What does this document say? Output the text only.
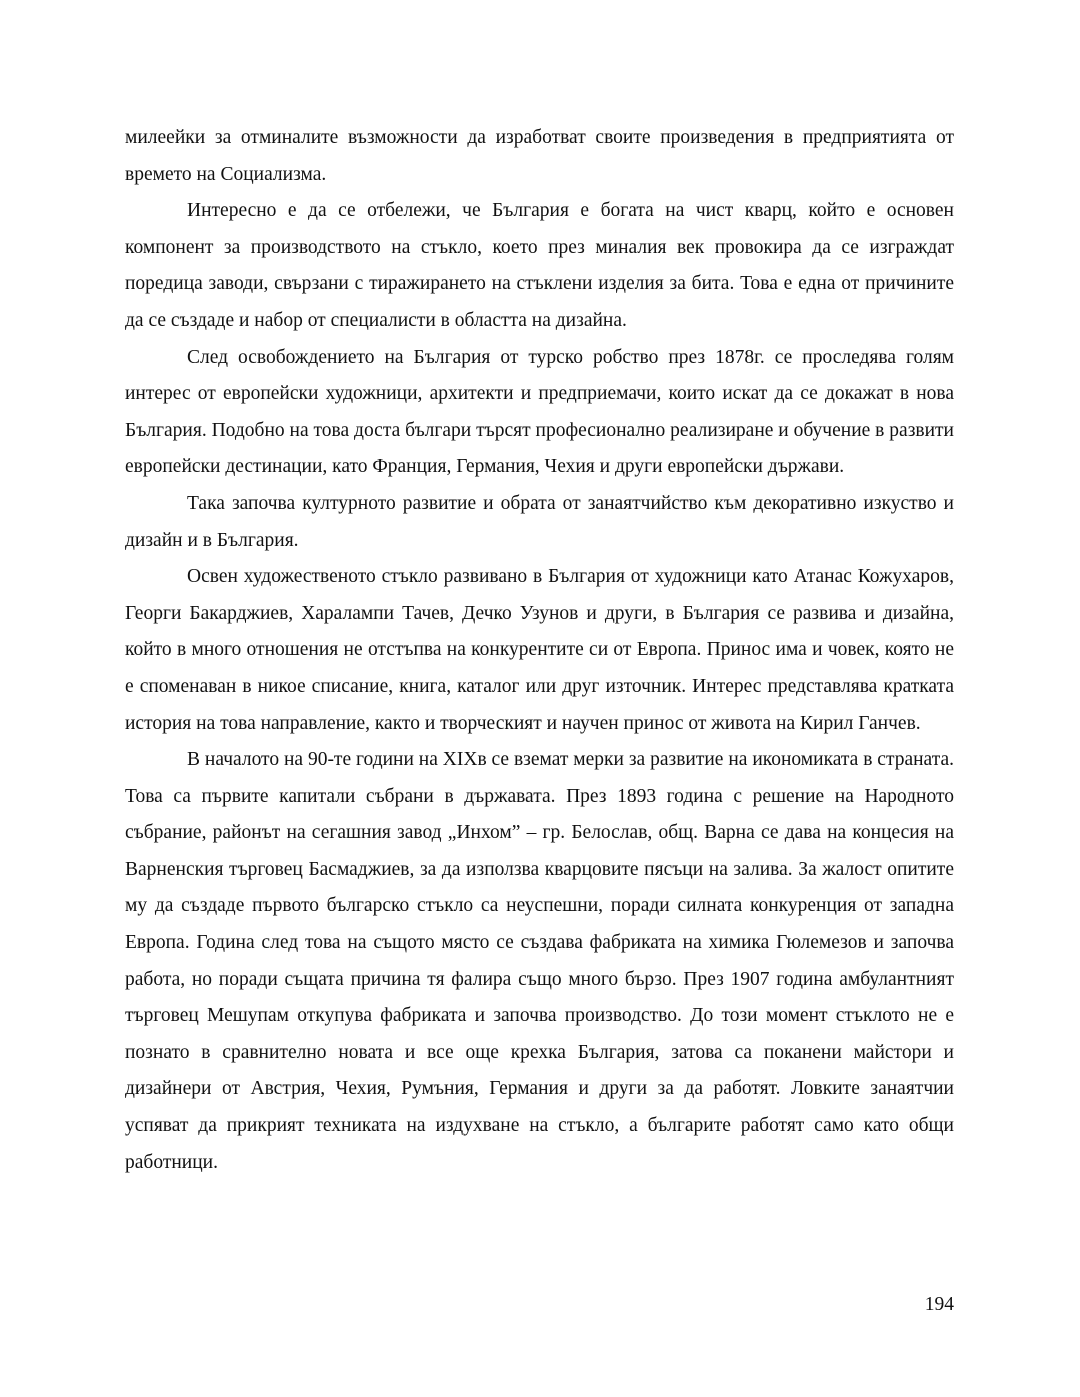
милеейки за отминалите възможности да изработват своите произведения в предприятията от времето на Социализма.

Интересно е да се отбележи, че България е богата на чист кварц, който е основен компонент за производството на стъкло, което през миналия век провокира да се изграждат поредица заводи, свързани с тиражирането на стъклени изделия за бита. Това е една от причините да се създаде и набор от специалисти в областта на дизайна.

След освобождението на България от турско робство през 1878г. се проследява голям интерес от европейски художници, архитекти и предприемачи, които искат да се докажат в нова България. Подобно на това доста българи търсят професионално реализиране и обучение в развити европейски дестинации, като Франция, Германия, Чехия и други европейски държави.

Така започва културното развитие и обрата от занаятчийство към декоративно изкуство и дизайн и в България.

Освен художественото стъкло развивано в България от художници като Атанас Кожухаров, Георги Бакарджиев, Харалампи Тачев, Дечко Узунов и други, в България се развива и дизайна, който в много отношения не отстъпва на конкурентите си от Европа. Принос има и човек, която не е споменаван в никое списание, книга, каталог или друг източник. Интерес представлява кратката история на това направление, както и творческият и научен принос от живота на Кирил Ганчев.

В началото на 90-те години на XIXв се вземат мерки за развитие на икономиката в страната. Това са първите капитали събрани в държавата. През 1893 година с решение на Народното събрание, районът на сегашния завод „Инхом” – гр. Белослав, общ. Варна се дава на концесия на Варненския търговец Басмаджиев, за да използва кварцовите пясъци на залива. За жалост опитите му да създаде първото българско стъкло са неуспешни, поради силната конкуренция от западна Европа. Година след това на същото място се създава фабриката на химика Гюлемезов и започва работа, но поради същата причина тя фалира също много бързо. През 1907 година амбулантният търговец Мешупам откупува фабриката и започва производство. До този момент стъклото не е познато в сравнително новата и все още крехка България, затова са поканени майстори и дизайнери от Австрия, Чехия, Румъния, Германия и други за да работят. Ловките занаятчии успяват да прикрият техниката на издухване на стъкло, а българите работят само като общи работници.

194
